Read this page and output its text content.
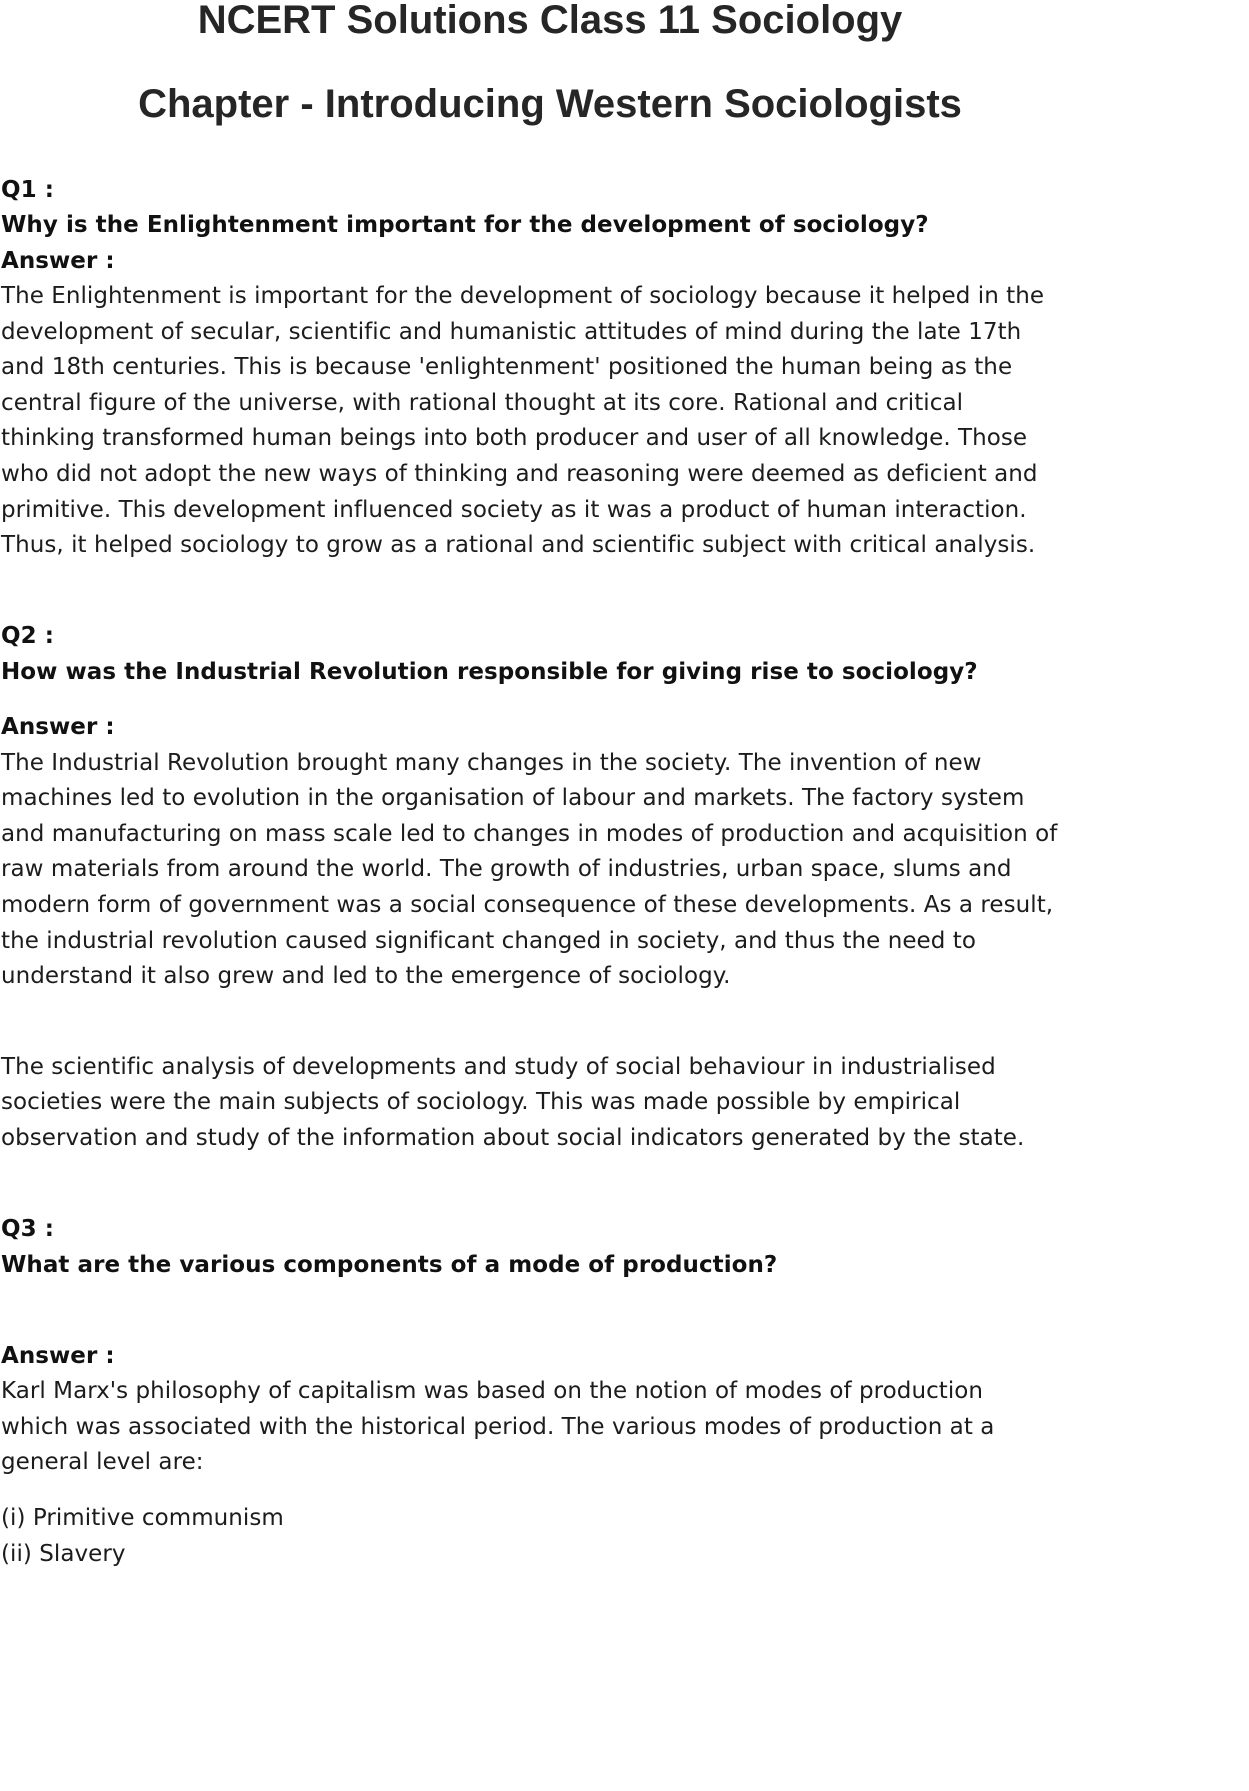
NCERT Solutions Class 11 Sociology
Chapter - Introducing Western Sociologists
Q1 :
Why is the Enlightenment important for the development of sociology?
Answer :
The Enlightenment is important for the development of sociology because it helped in the
development of secular, scientific and humanistic attitudes of mind during the late 17th
and 18th centuries. This is because 'enlightenment' positioned the human being as the
central figure of the universe, with rational thought at its core. Rational and critical
thinking transformed human beings into both producer and user of all knowledge. Those
who did not adopt the new ways of thinking and reasoning were deemed as deficient and
primitive. This development influenced society as it was a product of human interaction.
Thus, it helped sociology to grow as a rational and scientific subject with critical analysis.
Q2 :
How was the Industrial Revolution responsible for giving rise to sociology?
Answer :
The Industrial Revolution brought many changes in the society. The invention of new
machines led to evolution in the organisation of labour and markets. The factory system
and manufacturing on mass scale led to changes in modes of production and acquisition of
raw materials from around the world. The growth of industries, urban space, slums and
modern form of government was a social consequence of these developments. As a result,
the industrial revolution caused significant changed in society, and thus the need to
understand it also grew and led to the emergence of sociology.
The scientific analysis of developments and study of social behaviour in industrialised
societies were the main subjects of sociology. This was made possible by empirical
observation and study of the information about social indicators generated by the state.
Q3 :
What are the various components of a mode of production?
Answer :
Karl Marx's philosophy of capitalism was based on the notion of modes of production
which was associated with the historical period. The various modes of production at a
general level are:
(i) Primitive communism
(ii) Slavery
